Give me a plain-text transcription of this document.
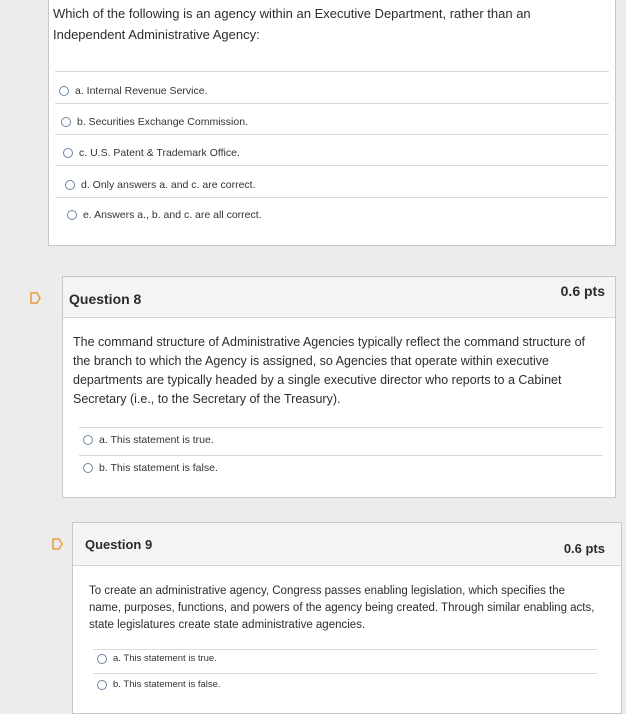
Which of the following is an agency within an Executive Department, rather than an Independent Administrative Agency:
a. Internal Revenue Service.
b. Securities Exchange Commission.
c. U.S. Patent & Trademark Office.
d. Only answers a. and c. are correct.
e. Answers a., b. and c. are all correct.
Question 8	0.6 pts
The command structure of Administrative Agencies typically reflect the command structure of the branch to which the Agency is assigned, so Agencies that operate within executive departments are typically headed by a single executive director who reports to a Cabinet Secretary (i.e., to the Secretary of the Treasury).
a. This statement is true.
b. This statement is false.
Question 9	0.6 pts
To create an administrative agency, Congress passes enabling legislation, which specifies the name, purposes, functions, and powers of the agency being created. Through similar enabling acts, state legislatures create state administrative agencies.
a. This statement is true.
b. This statement is false.
